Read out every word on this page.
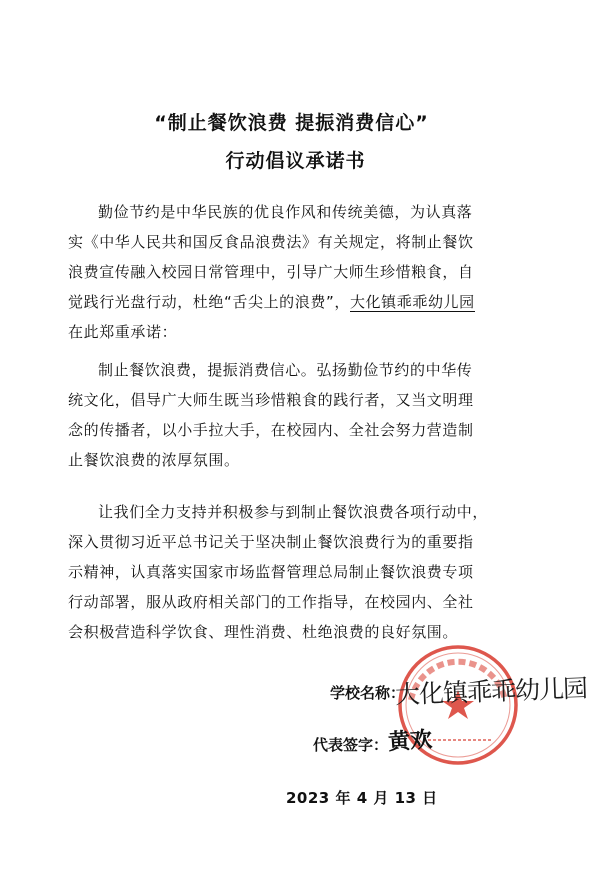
“制止餐饮浪费 提振消费信心”
行动倡议承诺书
勤俭节约是中华民族的优良作风和传统美德，为认真落
实《中华人民共和国反食品浪费法》有关规定，将制止餐饮
浪费宣传融入校园日常管理中，引导广大师生珍惜粮食，自
觉践行光盘行动，杜绝“舌尖上的浪费”，大化镇乖乖幼儿园
在此郑重承诺：
制止餐饮浪费，提振消费信心。弘扬勤俭节约的中华传
统文化，倡导广大师生既当珍惜粮食的践行者，又当文明理
念的传播者，以小手拉大手，在校园内、全社会努力营造制
止餐饮浪费的浓厚氛围。
让我们全力支持并积极参与到制止餐饮浪费各项行动中，
深入贯彻习近平总书记关于坚决制止餐饮浪费行为的重要指
示精神，认真落实国家市场监督管理总局制止餐饮浪费专项
行动部署，服从政府相关部门的工作指导，在校园内、全社
会积极营造科学饮食、理性消费、杜绝浪费的良好氛围。
学校名称：
大化镇乖乖幼儿园
代表签字： 黄欢
2023 年 4 月 13 日
